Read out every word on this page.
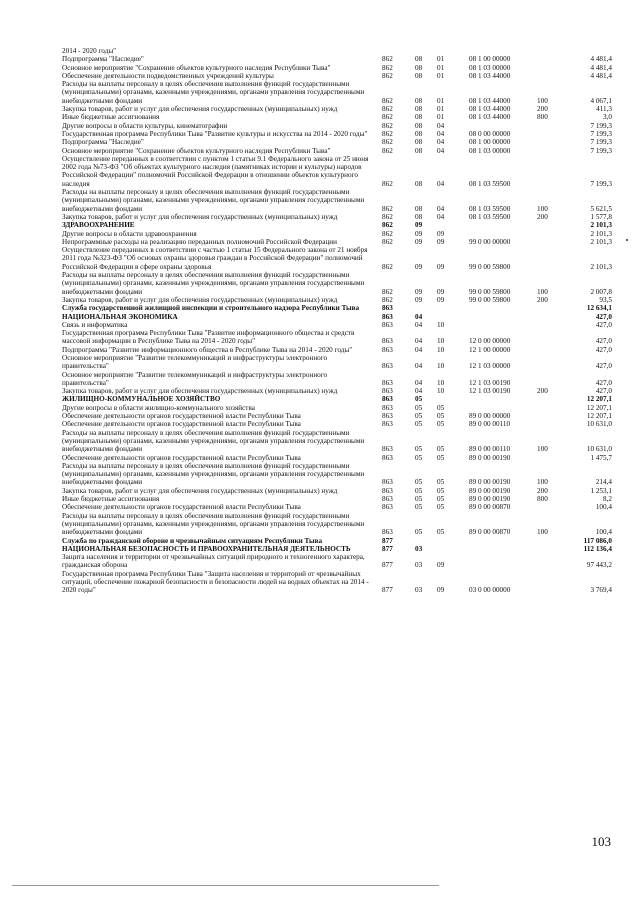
2014 - 2020 годы"
Подпрограмма "Наследие"	862	08	01	08 1 00 00000	4 481,4
Основное мероприятие "Сохранение объектов культурного наследия Республики Тыва"	862	08	01	08 1 03 00000	4 481,4
Обеспечение деятельности подведомственных учреждений культуры	862	08	01	08 1 03 44000	4 481,4
Расходы на выплаты персоналу в целях обеспечения выполнения функций государственными (муниципальными) органами, казенными учреждениями, органами управления государственными внебюджетными фондами	862	08	01	08 1 03 44000	100	4 067,1
Закупка товаров, работ и услуг для обеспечения государственных (муниципальных) нужд	862	08	01	08 1 03 44000	200	411,3
Иные бюджетные ассигнования	862	08	01	08 1 03 44000	800	3,0
Другие вопросы в области культуры, кинематографии	862	08	04	7 199,3
Государственная программа Республики Тыва "Развитие культуры и искусства на 2014 - 2020 годы"	862	08	04	08 0 00 00000	7 199,3
Подпрограмма "Наследие"	862	08	04	08 1 00 00000	7 199,3
Основное мероприятие "Сохранение объектов культурного наследия Республики Тыва"	862	08	04	08 1 03 00000	7 199,3
Осуществление переданных в соответствии с пунктом 1 статьи 9.1 Федерального закона от 25 июня 2002 года №73-ФЗ "Об объектах культурного наследия (памятниках истории и культуры) народов Российской Федерации" полномочий Российской Федерации в отношении объектов культурного наследия	862	08	04	08 1 03 59500	7 199,3
Расходы на выплаты персоналу в целях обеспечения выполнения функций государственными (муниципальными) органами, казенными учреждениями, органами управления государственными внебюджетными фондами	862	08	04	08 1 03 59500	100	5 621,5
Закупка товаров, работ и услуг для обеспечения государственных (муниципальных) нужд	862	08	04	08 1 03 59500	200	1 577,8
ЗДРАВООХРАНЕНИЕ	862	09	2 101,3
Другие вопросы в области здравоохранения	862	09	09	2 101,3
Непрограммные расходы на реализацию переданных полномочий Российской Федерации	862	09	09	99 0 00 00000	2 101,3
Осуществление переданных в соответствии с частью 1 статьи 15 Федерального закона от 21 ноября 2011 года №323-ФЗ "Об основах охраны здоровья граждан в Российской Федерации" полномочий Российской Федерации в сфере охраны здоровья	862	09	09	99 0 00 59800	2 101,3
Расходы на выплаты персоналу в целях обеспечения выполнения функций государственными (муниципальными) органами, казенными учреждениями, органами управления государственными внебюджетными фондами	862	09	09	99 0 00 59800	100	2 007,8
Закупка товаров, работ и услуг для обеспечения государственных (муниципальных) нужд	862	09	09	99 0 00 59800	200	93,5
Служба государственной жилищной инспекции и строительного надзора Республики Тыва	863	12 634,1
НАЦИОНАЛЬНАЯ ЭКОНОМИКА	863	04	427,0
Связь и информатика	863	04	10	427,0
Государственная программа Республики Тыва "Развитие информационного общества и средств массовой информации в Республике Тыва на 2014 - 2020 годы"	863	04	10	12 0 00 00000	427,0
Подпрограмма "Развитие информационного общества в Республике Тыва на 2014 - 2020 годы"	863	04	10	12 1 00 00000	427,0
Основное мероприятие "Развитие телекоммуникаций и инфраструктуры электронного правительства"	863	04	10	12 1 03 00000	427,0
Основное мероприятие "Развитие телекоммуникаций и инфраструктуры электронного правительства"	863	04	10	12 1 03 00190	427,0
Закупка товаров, работ и услуг для обеспечения государственных (муниципальных) нужд	863	04	10	12 1 03 00190	200	427,0
ЖИЛИЩНО-КОММУНАЛЬНОЕ ХОЗЯЙСТВО	863	05	12 207,1
Другие вопросы в области жилищно-коммунального хозяйства	863	05	05	12 207,1
Обеспечение деятельности органов государственной власти Республики Тыва	863	05	05	89 0 00 00000	12 207,1
Обеспечение деятельности органов государственной власти Республики Тыва	863	05	05	89 0 00 00110	10 631,0
Расходы на выплаты персоналу в целях обеспечения выполнения функций государственными (муниципальными) органами, казенными учреждениями, органами управления государственными внебюджетными фондами	863	05	05	89 0 00 00110	100	10 631,0
Обеспечение деятельности органов государственной власти Республики Тыва	863	05	05	89 0 00 00190	1 475,7
Расходы на выплаты персоналу в целях обеспечения выполнения функций государственными (муниципальными) органами, казенными учреждениями, органами управления государственными внебюджетными фондами	863	05	05	89 0 00 00190	100	214,4
Закупка товаров, работ и услуг для обеспечения государственных (муниципальных) нужд	863	05	05	89 0 00 00190	200	1 253,1
Иные бюджетные ассигнования	863	05	05	89 0 00 00190	800	8,2
Обеспечение деятельности органов государственной власти Республики Тыва	863	05	05	89 0 00 00870	100,4
Расходы на выплаты персоналу в целях обеспечения выполнения функций государственными (муниципальными) органами, казенными учреждениями, органами управления государственными внебюджетными фондами	863	05	05	89 0 00 00870	100	100,4
Служба по гражданской обороне и чрезвычайным ситуациям Республики Тыва	877	117 086,0
НАЦИОНАЛЬНАЯ БЕЗОПАСНОСТЬ И ПРАВООХРАНИТЕЛЬНАЯ ДЕЯТЕЛЬНОСТЬ	877	03	112 136,4
Защита населения и территории от чрезвычайных ситуаций природного и техногенного характера, гражданская оборона	877	03	09	97 443,2
Государственная программа Республики Тыва "Защита населения и территорий от чрезвычайных ситуаций, обеспечение пожарной безопасности и безопасности людей на водных объектах на 2014 - 2020 годы"	877	03	09	03 0 00 00000	3 769,4
103
